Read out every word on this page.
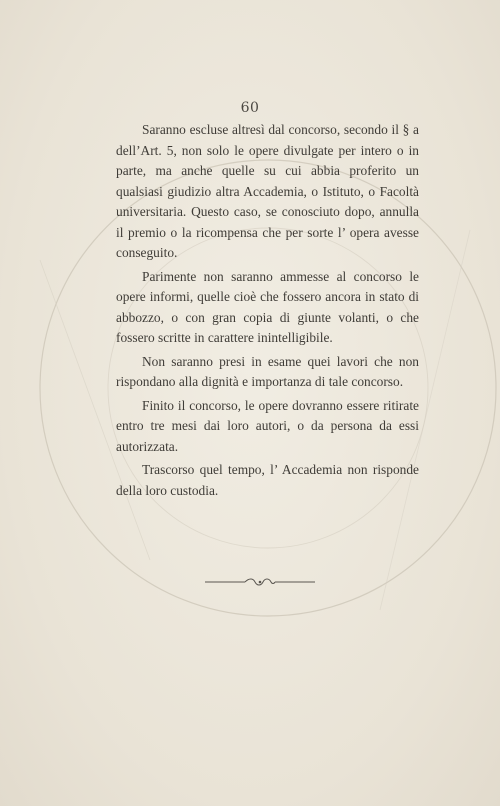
60

Saranno escluse altresì dal concorso, secondo il § a dell’Art. 5, non solo le opere divulgate per intero o in parte, ma anche quelle su cui abbia proferito un qualsiasi giudizio altra Accademia, o Istituto, o Facoltà universitaria. Questo caso, se conosciuto dopo, annulla il premio o la ricompensa che per sorte l’ opera avesse conseguito.

Parimente non saranno ammesse al concorso le opere informi, quelle cioè che fossero ancora in stato di abbozzo, o con gran copia di giunte volanti, o che fossero scritte in carattere inintelligibile.

Non saranno presi in esame quei lavori che non rispondano alla dignità e importanza di tale concorso.

Finito il concorso, le opere dovranno essere ritirate entro tre mesi dai loro autori, o da persona da essi autorizzata.

Trascorso quel tempo, l’ Accademia non risponde della loro custodia.
